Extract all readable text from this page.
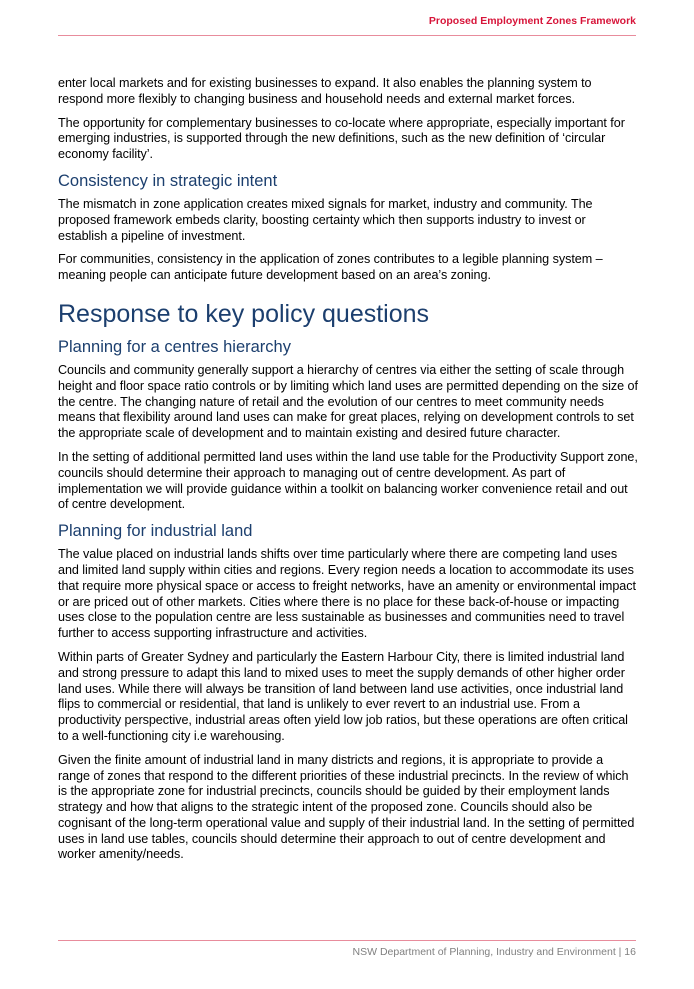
Proposed Employment Zones Framework

enter local markets and for existing businesses to expand. It also enables the planning system to respond more flexibly to changing business and household needs and external market forces.

The opportunity for complementary businesses to co-locate where appropriate, especially important for emerging industries, is supported through the new definitions, such as the new definition of ‘circular economy facility’.

Consistency in strategic intent

The mismatch in zone application creates mixed signals for market, industry and community. The proposed framework embeds clarity, boosting certainty which then supports industry to invest or establish a pipeline of investment.

For communities, consistency in the application of zones contributes to a legible planning system – meaning people can anticipate future development based on an area’s zoning.

Response to key policy questions
Planning for a centres hierarchy

Councils and community generally support a hierarchy of centres via either the setting of scale through height and floor space ratio controls or by limiting which land uses are permitted depending on the size of the centre. The changing nature of retail and the evolution of our centres to meet community needs means that flexibility around land uses can make for great places, relying on development controls to set the appropriate scale of development and to maintain existing and desired future character.

In the setting of additional permitted land uses within the land use table for the Productivity Support zone, councils should determine their approach to managing out of centre development. As part of implementation we will provide guidance within a toolkit on balancing worker convenience retail and out of centre development.

Planning for industrial land

The value placed on industrial lands shifts over time particularly where there are competing land uses and limited land supply within cities and regions. Every region needs a location to accommodate its uses that require more physical space or access to freight networks, have an amenity or environmental impact or are priced out of other markets. Cities where there is no place for these back-of-house or impacting uses close to the population centre are less sustainable as businesses and communities need to travel further to access supporting infrastructure and activities.

Within parts of Greater Sydney and particularly the Eastern Harbour City, there is limited industrial land and strong pressure to adapt this land to mixed uses to meet the supply demands of other higher order land uses. While there will always be transition of land between land use activities, once industrial land flips to commercial or residential, that land is unlikely to ever revert to an industrial use. From a productivity perspective, industrial areas often yield low job ratios, but these operations are often critical to a well-functioning city i.e warehousing.

Given the finite amount of industrial land in many districts and regions, it is appropriate to provide a range of zones that respond to the different priorities of these industrial precincts. In the review of which is the appropriate zone for industrial precincts, councils should be guided by their employment lands strategy and how that aligns to the strategic intent of the proposed zone. Councils should also be cognisant of the long-term operational value and supply of their industrial land. In the setting of permitted uses in land use tables, councils should determine their approach to out of centre development and worker amenity/needs.

NSW Department of Planning, Industry and Environment | 16
